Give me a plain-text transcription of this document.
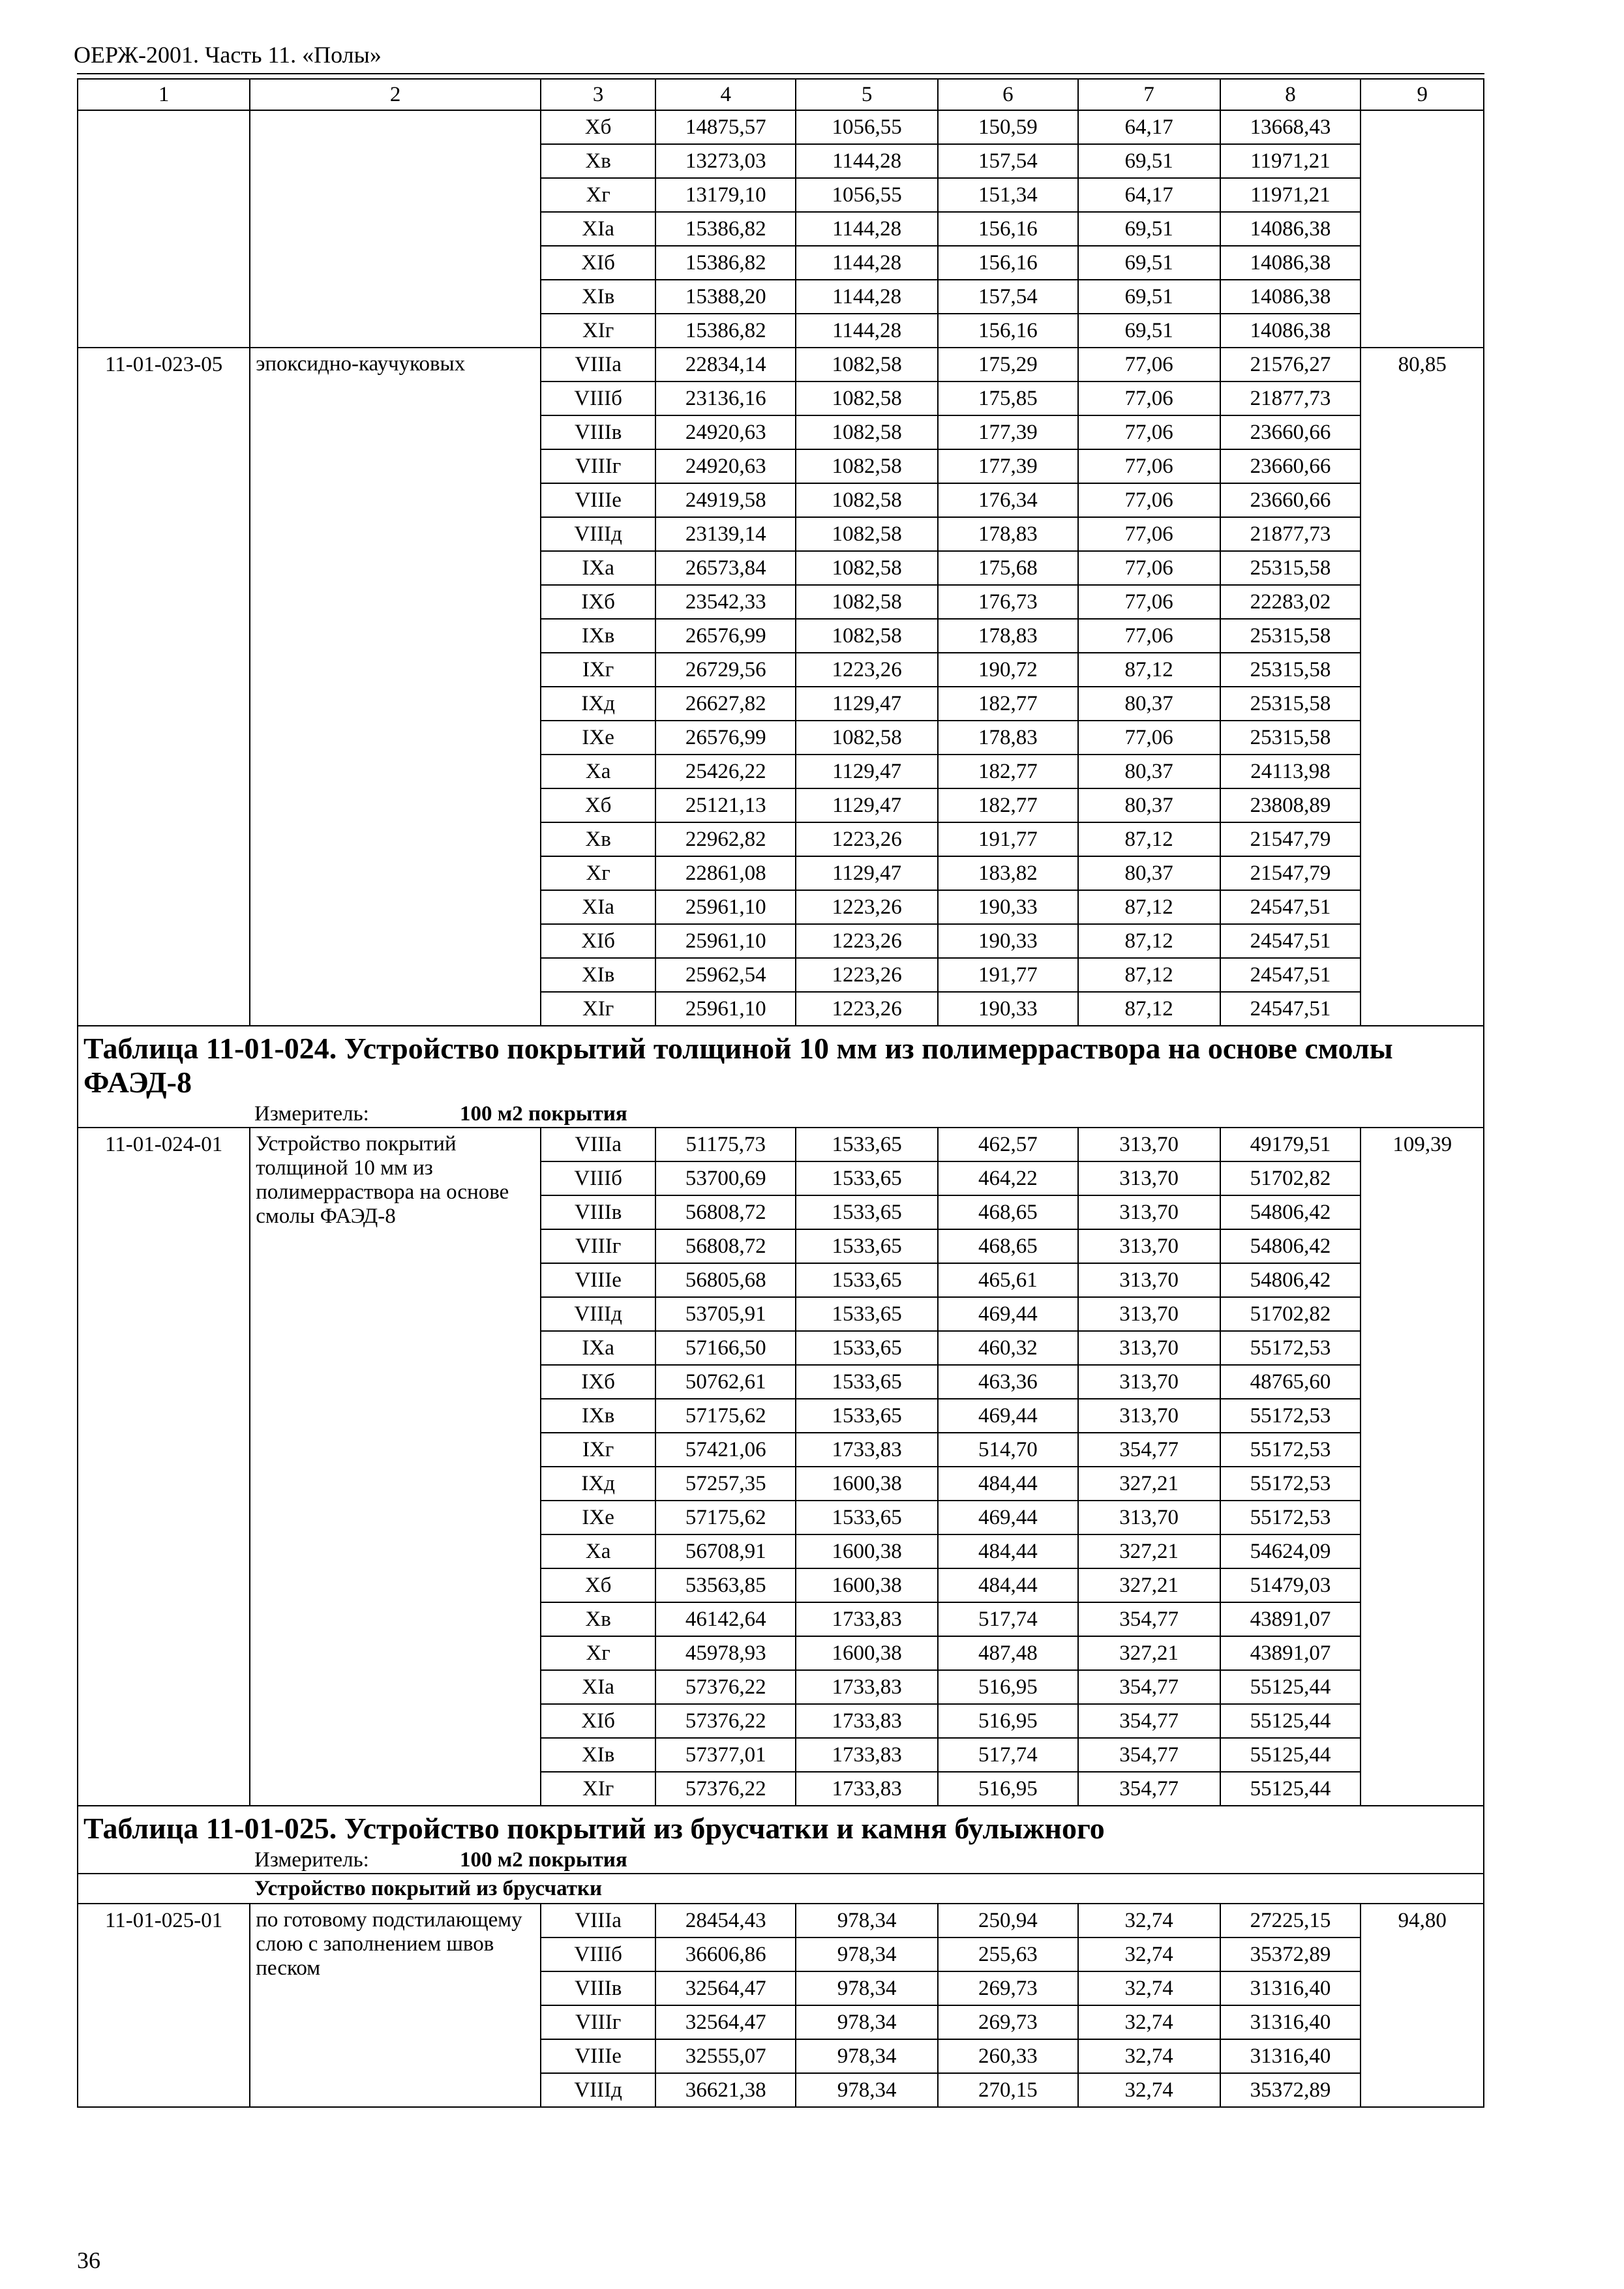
ОЕРЖ-2001. Часть 11. «Полы»
1	2	3	4	5	6	7	8	9
		Хб	14875,57	1056,55	150,59	64,17	13668,43	
		Хв	13273,03	1144,28	157,54	69,51	11971,21	
		Хг	13179,10	1056,55	151,34	64,17	11971,21	
		XIа	15386,82	1144,28	156,16	69,51	14086,38	
		XIб	15386,82	1144,28	156,16	69,51	14086,38	
		XIв	15388,20	1144,28	157,54	69,51	14086,38	
		XIг	15386,82	1144,28	156,16	69,51	14086,38	
11-01-023-05	эпоксидно-каучуковых	VIIIа	22834,14	1082,58	175,29	77,06	21576,27	80,85
		VIIIб	23136,16	1082,58	175,85	77,06	21877,73	
		VIIIв	24920,63	1082,58	177,39	77,06	23660,66	
		VIIIг	24920,63	1082,58	177,39	77,06	23660,66	
		VIIIе	24919,58	1082,58	176,34	77,06	23660,66	
		VIIIд	23139,14	1082,58	178,83	77,06	21877,73	
		IXа	26573,84	1082,58	175,68	77,06	25315,58	
		IXб	23542,33	1082,58	176,73	77,06	22283,02	
		IXв	26576,99	1082,58	178,83	77,06	25315,58	
		IXг	26729,56	1223,26	190,72	87,12	25315,58	
		IXд	26627,82	1129,47	182,77	80,37	25315,58	
		IXе	26576,99	1082,58	178,83	77,06	25315,58	
		Ха	25426,22	1129,47	182,77	80,37	24113,98	
		Хб	25121,13	1129,47	182,77	80,37	23808,89	
		Хв	22962,82	1223,26	191,77	87,12	21547,79	
		Хг	22861,08	1129,47	183,82	80,37	21547,79	
		XIа	25961,10	1223,26	190,33	87,12	24547,51	
		XIб	25961,10	1223,26	190,33	87,12	24547,51	
		XIв	25962,54	1223,26	191,77	87,12	24547,51	
		XIг	25961,10	1223,26	190,33	87,12	24547,51	
Таблица 11-01-024. Устройство покрытий толщиной 10 мм из полимерраствора на основе смолы ФАЭД-8								
Измеритель: 100 м2 покрытия								
11-01-024-01	Устройство покрытий толщиной 10 мм из полимерраствора на основе смолы ФАЭД-8	VIIIа	51175,73	1533,65	462,57	313,70	49179,51	109,39
		VIIIб	53700,69	1533,65	464,22	313,70	51702,82	
		VIIIв	56808,72	1533,65	468,65	313,70	54806,42	
		VIIIг	56808,72	1533,65	468,65	313,70	54806,42	
		VIIIе	56805,68	1533,65	465,61	313,70	54806,42	
		VIIIд	53705,91	1533,65	469,44	313,70	51702,82	
		IXа	57166,50	1533,65	460,32	313,70	55172,53	
		IXб	50762,61	1533,65	463,36	313,70	48765,60	
		IXв	57175,62	1533,65	469,44	313,70	55172,53	
		IXг	57421,06	1733,83	514,70	354,77	55172,53	
		IXд	57257,35	1600,38	484,44	327,21	55172,53	
		IXе	57175,62	1533,65	469,44	313,70	55172,53	
		Ха	56708,91	1600,38	484,44	327,21	54624,09	
		Хб	53563,85	1600,38	484,44	327,21	51479,03	
		Хв	46142,64	1733,83	517,74	354,77	43891,07	
		Хг	45978,93	1600,38	487,48	327,21	43891,07	
		XIа	57376,22	1733,83	516,95	354,77	55125,44	
		XIб	57376,22	1733,83	516,95	354,77	55125,44	
		XIв	57377,01	1733,83	517,74	354,77	55125,44	
		XIг	57376,22	1733,83	516,95	354,77	55125,44	
Таблица 11-01-025. Устройство покрытий из брусчатки и камня булыжного								
Измеритель: 100 м2 покрытия								
Устройство покрытий из брусчатки								
11-01-025-01	по готовому подстилающему слою с заполнением швов песком	VIIIа	28454,43	978,34	250,94	32,74	27225,15	94,80
		VIIIб	36606,86	978,34	255,63	32,74	35372,89	
		VIIIв	32564,47	978,34	269,73	32,74	31316,40	
		VIIIг	32564,47	978,34	269,73	32,74	31316,40	
		VIIIе	32555,07	978,34	260,33	32,74	31316,40	
		VIIIд	36621,38	978,34	270,15	32,74	35372,89	
36
